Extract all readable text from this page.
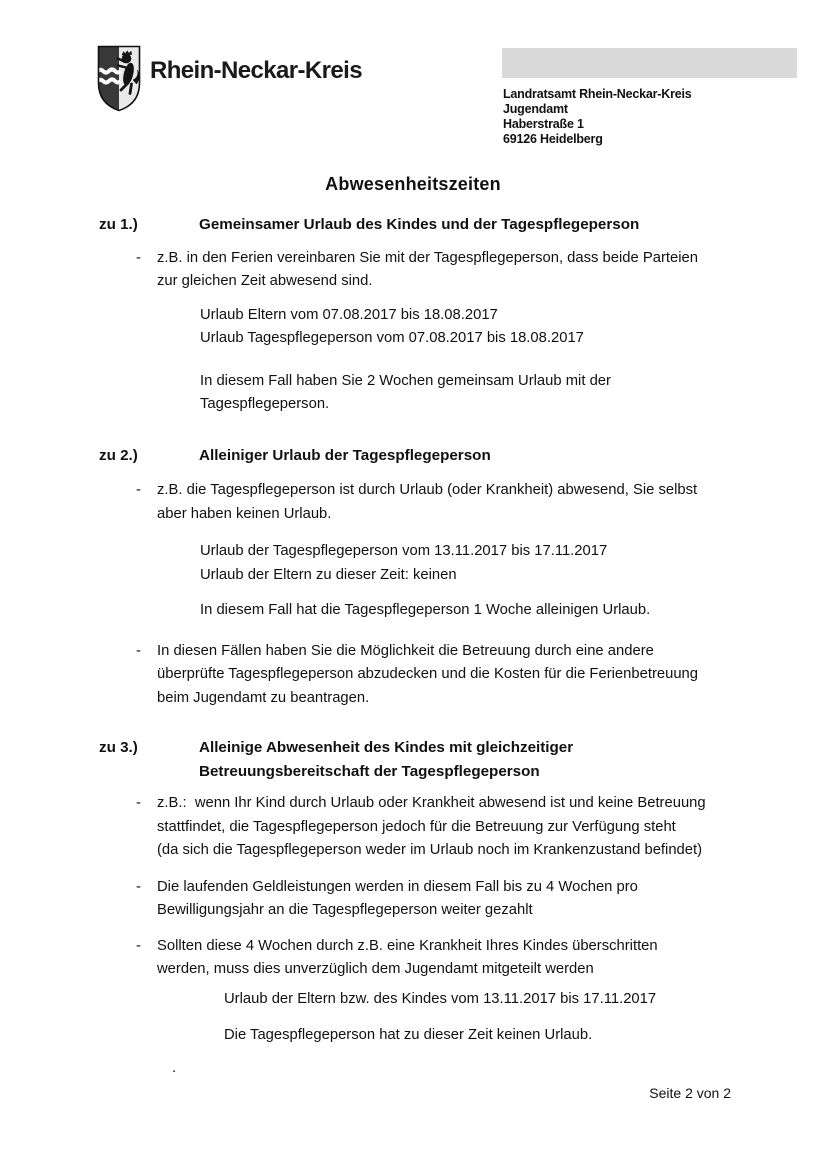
Rhein-Neckar-Kreis
Landratsamt Rhein-Neckar-Kreis
Jugendamt
Haberstraße 1
69126 Heidelberg
Abwesenheitszeiten
zu 1.)	Gemeinsamer Urlaub des Kindes und der Tagespflegeperson
-	z.B. in den Ferien vereinbaren Sie mit der Tagespflegeperson, dass beide Parteien
zur gleichen Zeit abwesend sind.

Urlaub Eltern vom 07.08.2017 bis 18.08.2017
Urlaub Tagespflegeperson vom 07.08.2017 bis 18.08.2017
In diesem Fall haben Sie 2 Wochen gemeinsam Urlaub mit der
Tagespflegeperson.
zu 2.)	Alleiniger Urlaub der Tagespflegeperson
-	z.B. die Tagespflegeperson ist durch Urlaub (oder Krankheit) abwesend, Sie selbst
aber haben keinen Urlaub.

Urlaub der Tagespflegeperson vom 13.11.2017 bis 17.11.2017
Urlaub der Eltern zu dieser Zeit: keinen
In diesem Fall hat die Tagespflegeperson 1 Woche alleinigen Urlaub.
-	In diesen Fällen haben Sie die Möglichkeit die Betreuung durch eine andere
überprüfte Tagespflegeperson abzudecken und die Kosten für die Ferienbetreuung
beim Jugendamt zu beantragen.

zu 3.)	Alleinige Abwesenheit des Kindes mit gleichzeitiger
Betreuungsbereitschaft der Tagespflegeperson
-	z.B.:  wenn Ihr Kind durch Urlaub oder Krankheit abwesend ist und keine Betreuung
stattfindet, die Tagespflegeperson jedoch für die Betreuung zur Verfügung steht
(da sich die Tagespflegeperson weder im Urlaub noch im Krankenzustand befindet)

-	Die laufenden Geldleistungen werden in diesem Fall bis zu 4 Wochen pro
Bewilligungsjahr an die Tagespflegeperson weiter gezahlt

-	Sollten diese 4 Wochen durch z.B. eine Krankheit Ihres Kindes überschritten
werden, muss dies unverzüglich dem Jugendamt mitgeteilt werden

Urlaub der Eltern bzw. des Kindes vom 13.11.2017 bis 17.11.2017
Die Tagespflegeperson hat zu dieser Zeit keinen Urlaub.
.
Seite 2 von 2
